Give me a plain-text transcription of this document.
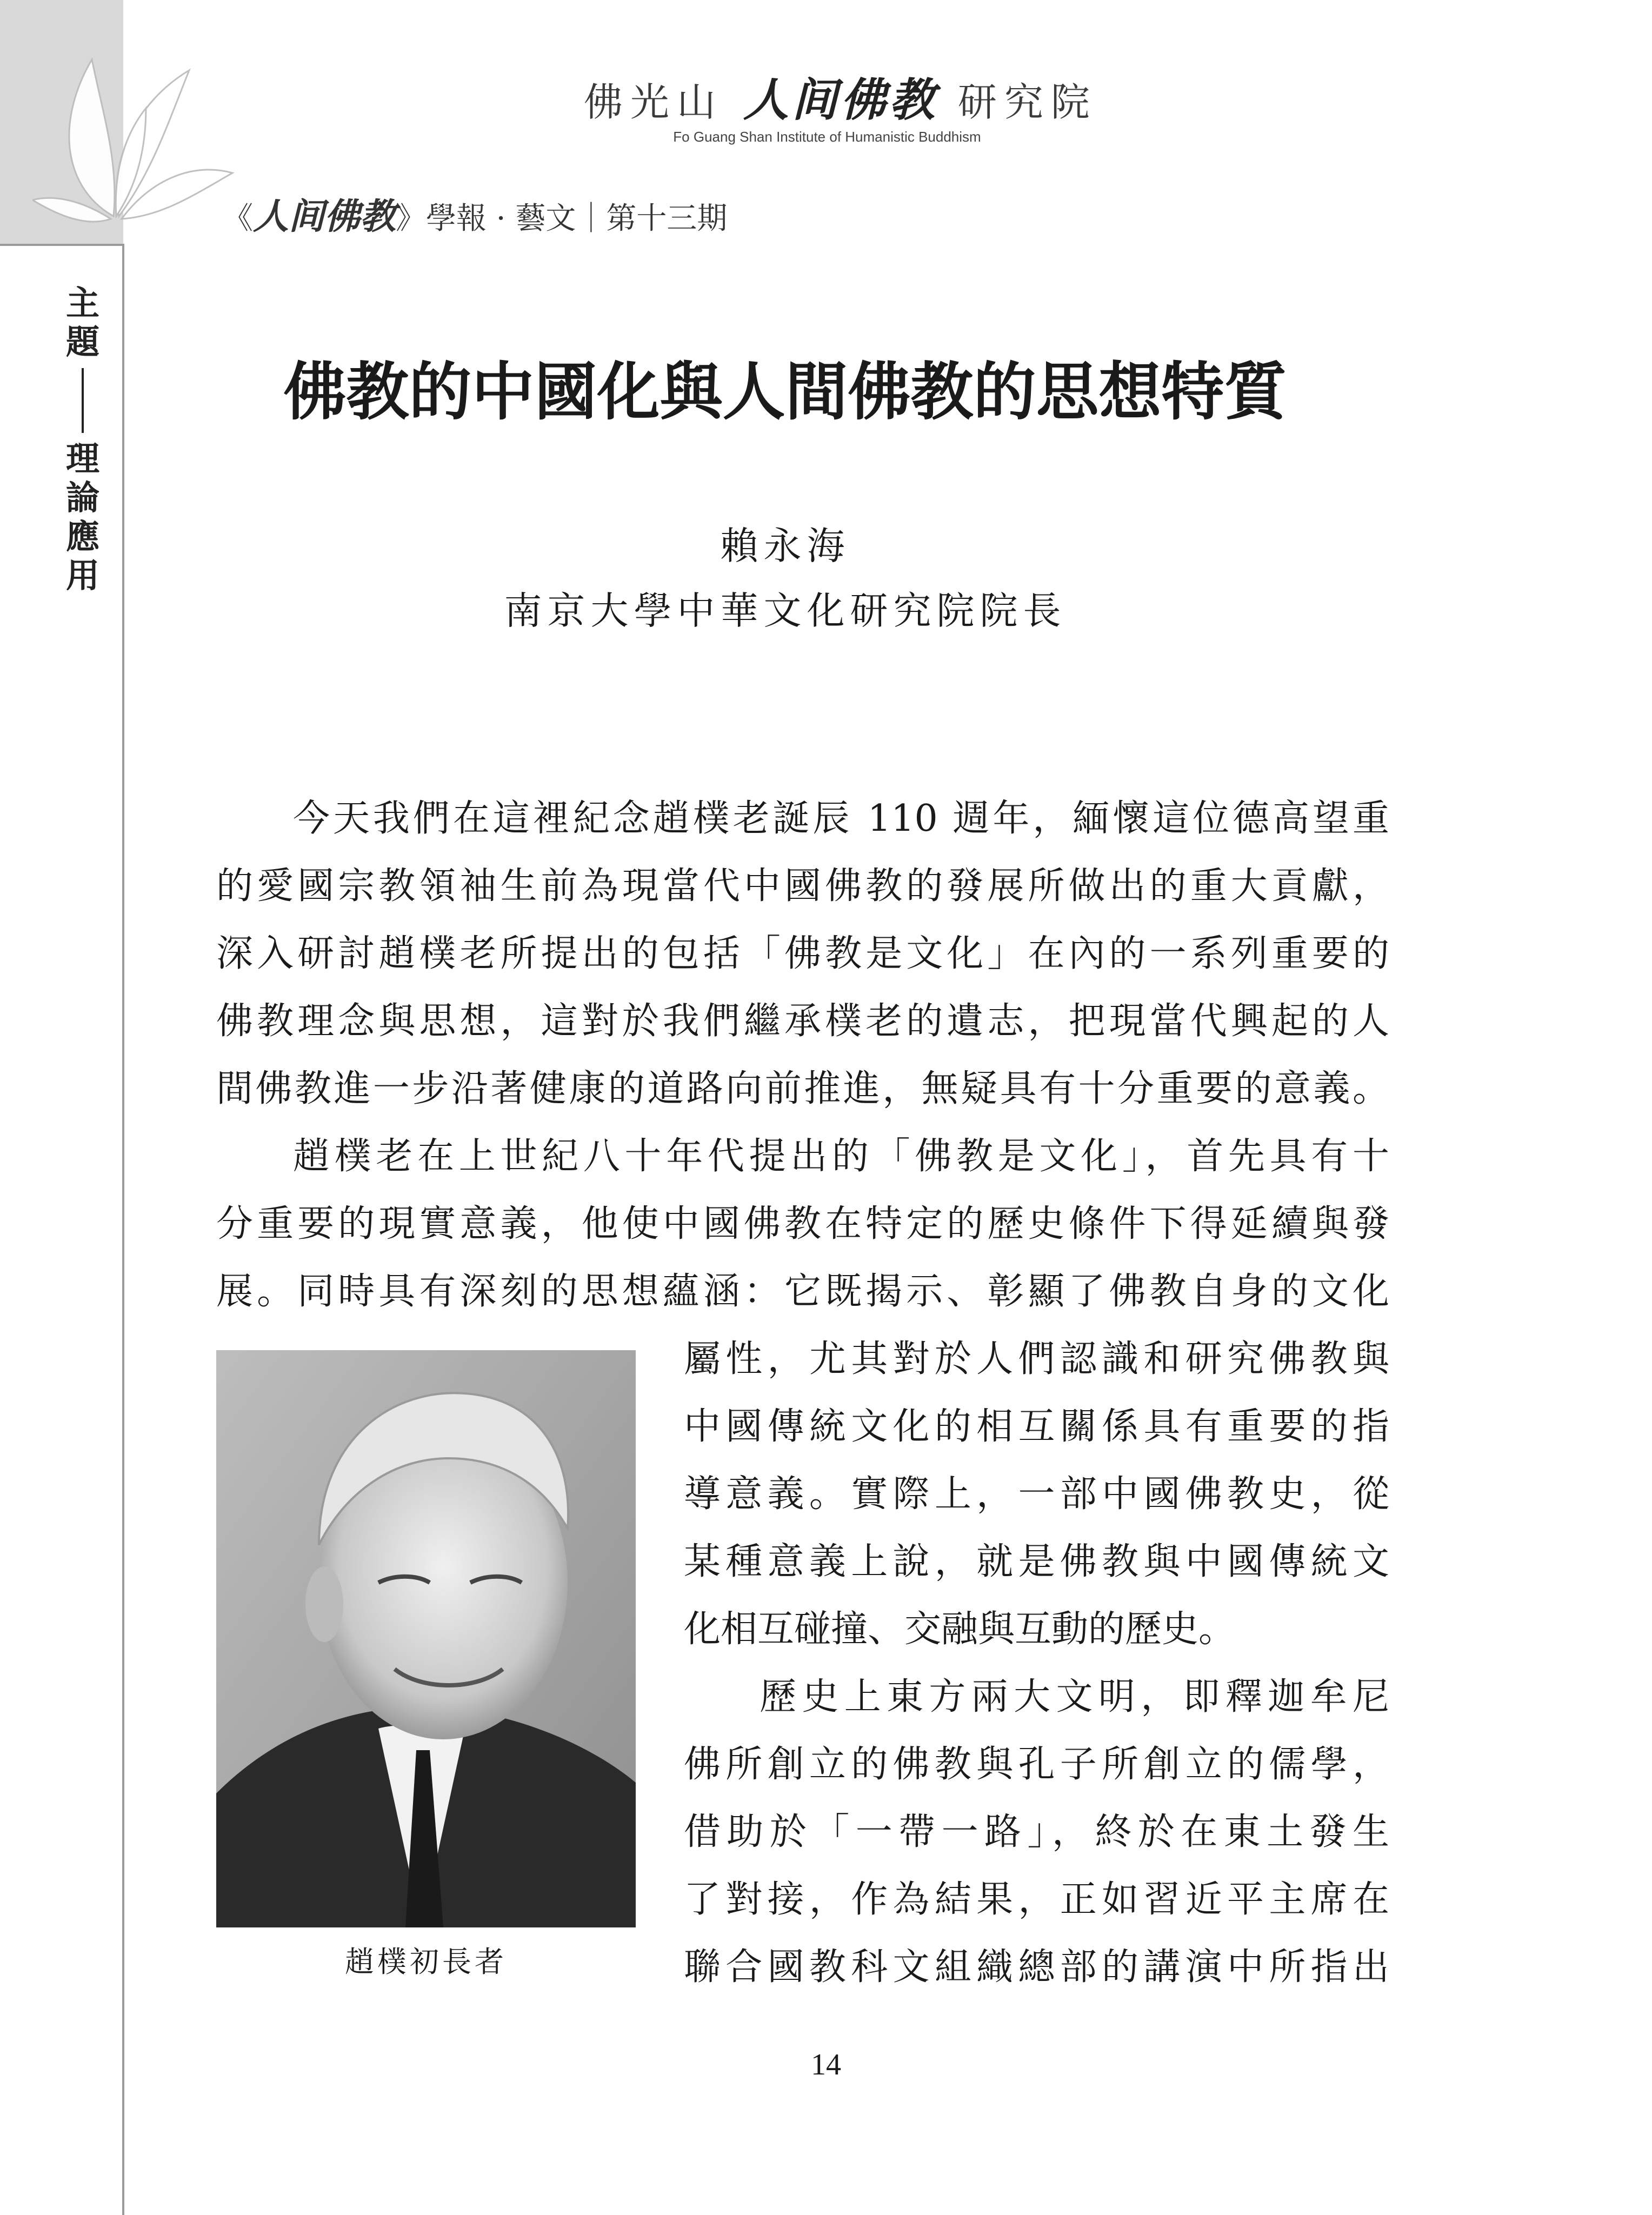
佛光山 人间佛教 研究院
Fo Guang Shan Institute of Humanistic Buddhism
《人间佛教》學報 · 藝文｜第十三期
主
題
理
論
應
用
佛教的中國化與人間佛教的思想特質
賴永海
南京大學中華文化研究院院長
今天我們在這裡紀念趙樸老誕辰 110 週年，緬懷這位德高望重
的愛國宗教領袖生前為現當代中國佛教的發展所做出的重大貢獻，
深入研討趙樸老所提出的包括「佛教是文化」在內的一系列重要的
佛教理念與思想，這對於我們繼承樸老的遺志，把現當代興起的人
間佛教進一步沿著健康的道路向前推進，無疑具有十分重要的意義。
趙樸老在上世紀八十年代提出的「佛教是文化」，首先具有十
分重要的現實意義，他使中國佛教在特定的歷史條件下得延續與發
展。同時具有深刻的思想蘊涵：它既揭示、彰顯了佛教自身的文化
屬性，尤其對於人們認識和研究佛教與
中國傳統文化的相互關係具有重要的指
導意義。實際上，一部中國佛教史，從
某種意義上說，就是佛教與中國傳統文
化相互碰撞、交融與互動的歷史。
歷史上東方兩大文明，即釋迦牟尼
佛所創立的佛教與孔子所創立的儒學，
借助於「一帶一路」，終於在東土發生
了對接，作為結果，正如習近平主席在
聯合國教科文組織總部的講演中所指出
趙樸初長者
14
